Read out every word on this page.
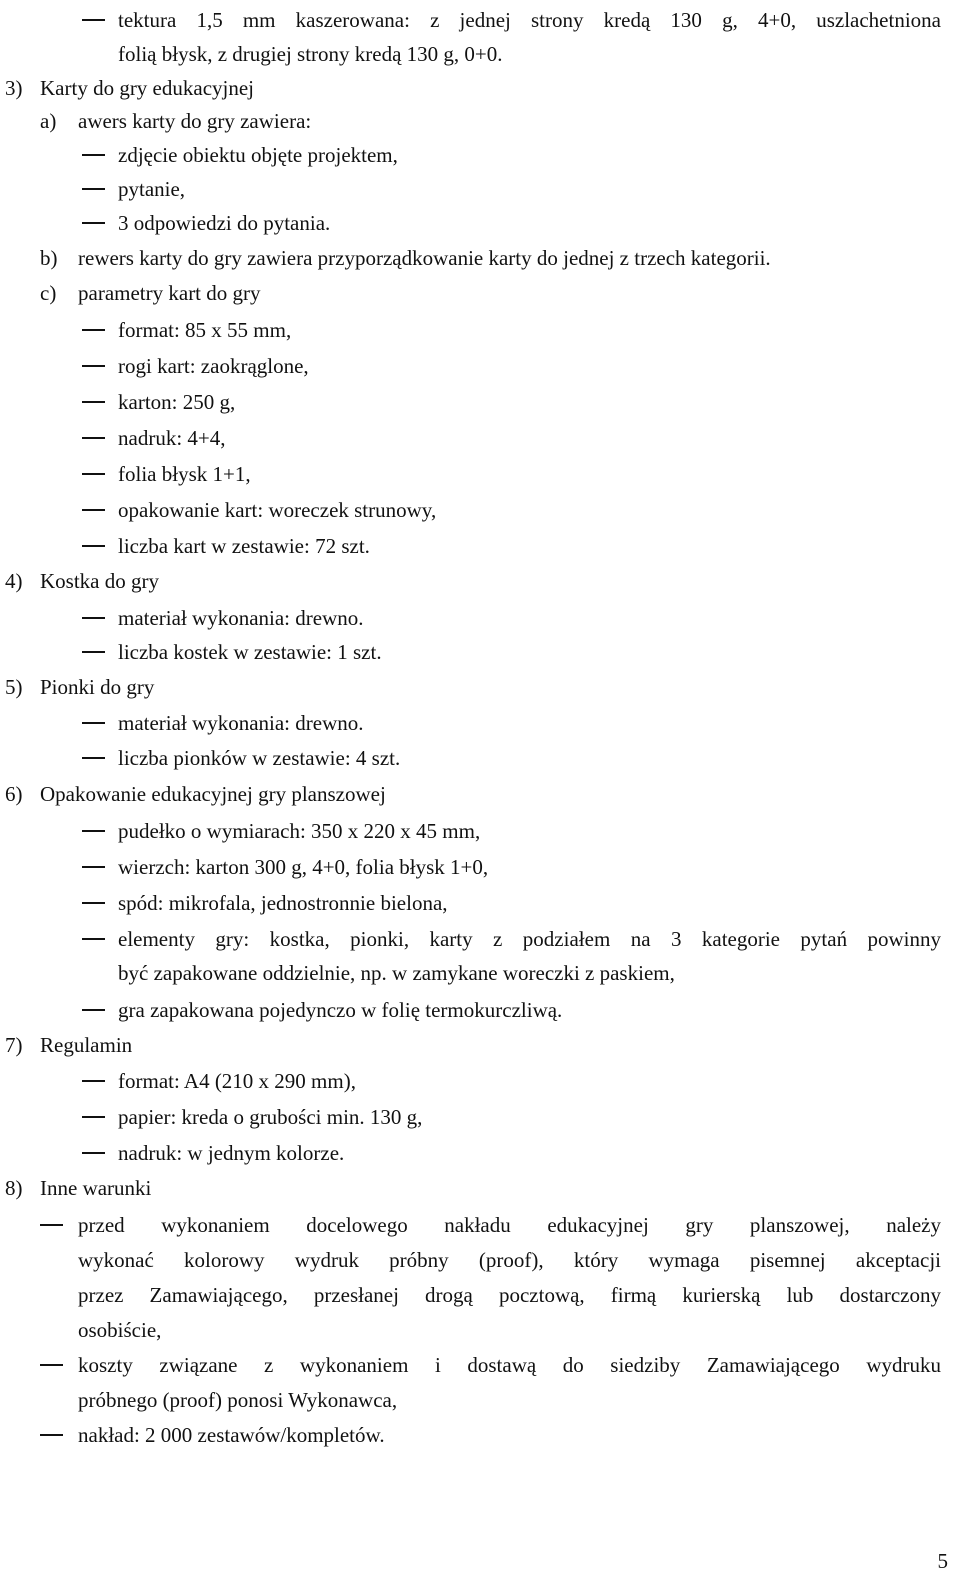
tektura 1,5 mm kaszerowana: z jednej strony kredą 130 g, 4+0, uszlachetniona
folią błysk, z drugiej strony kredą 130 g, 0+0.
3) Karty do gry edukacyjnej
a) awers karty do gry zawiera:
zdjęcie obiektu objęte projektem,
pytanie,
3 odpowiedzi do pytania.
b) rewers karty do gry zawiera przyporządkowanie karty do jednej z trzech kategorii.
c) parametry kart do gry
format: 85 x 55 mm,
rogi kart: zaokrąglone,
karton: 250 g,
nadruk: 4+4,
folia błysk 1+1,
opakowanie kart: woreczek strunowy,
liczba kart w zestawie: 72 szt.
4) Kostka do gry
materiał wykonania: drewno.
liczba kostek w zestawie: 1 szt.
5) Pionki do gry
materiał wykonania: drewno.
liczba pionków w zestawie: 4 szt.
6) Opakowanie edukacyjnej gry planszowej
pudełko o wymiarach: 350 x 220 x 45 mm,
wierzch: karton 300 g, 4+0, folia błysk 1+0,
spód: mikrofala, jednostronnie bielona,
elementy gry: kostka, pionki, karty z podziałem na 3 kategorie pytań powinny
być zapakowane oddzielnie, np. w zamykane woreczki z paskiem,
gra zapakowana pojedynczo w folię termokurczliwą.
7) Regulamin
format: A4 (210 x 290 mm),
papier: kreda o grubości min. 130 g,
nadruk: w jednym kolorze.
8) Inne warunki
przed wykonaniem docelowego nakładu edukacyjnej gry planszowej, należy
wykonać kolorowy wydruk próbny (proof), który wymaga pisemnej akceptacji
przez Zamawiającego, przesłanej drogą pocztową, firmą kurierską lub dostarczony
osobiście,
koszty związane z wykonaniem i dostawą do siedziby Zamawiającego wydruku
próbnego (proof) ponosi Wykonawca,
nakład: 2 000 zestawów/kompletów.
5
